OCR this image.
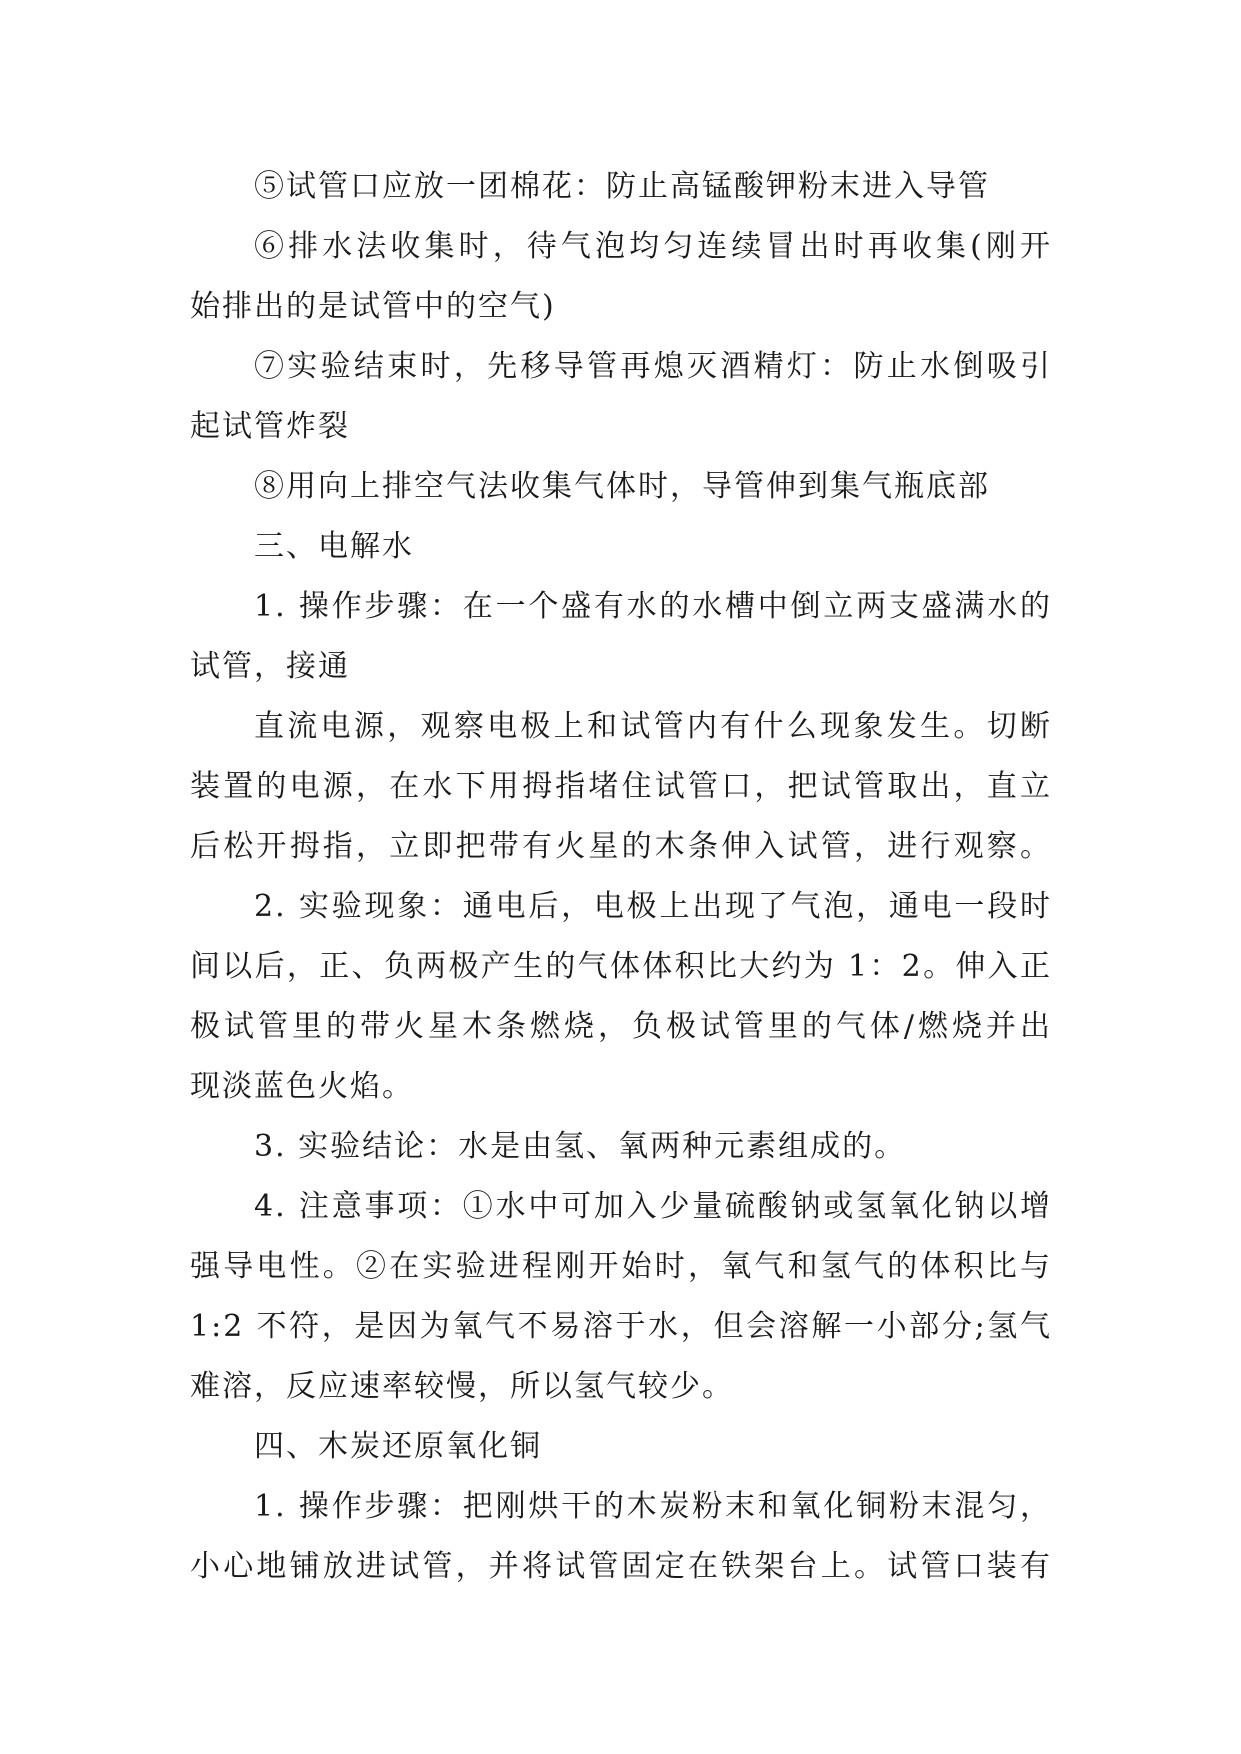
⑤试管口应放一团棉花：防止高锰酸钾粉末进入导管
⑥排水法收集时，待气泡均匀连续冒出时再收集(刚开
始排出的是试管中的空气)
⑦实验结束时，先移导管再熄灭酒精灯：防止水倒吸引
起试管炸裂
⑧用向上排空气法收集气体时，导管伸到集气瓶底部
三、电解水
1. 操作步骤：在一个盛有水的水槽中倒立两支盛满水的
试管，接通
直流电源，观察电极上和试管内有什么现象发生。切断
装置的电源，在水下用拇指堵住试管口，把试管取出，直立
后松开拇指，立即把带有火星的木条伸入试管，进行观察。
2. 实验现象：通电后，电极上出现了气泡，通电一段时
间以后，正、负两极产生的气体体积比大约为 1：2。伸入正
极试管里的带火星木条燃烧，负极试管里的气体/燃烧并出
现淡蓝色火焰。
3. 实验结论：水是由氢、氧两种元素组成的。
4. 注意事项：①水中可加入少量硫酸钠或氢氧化钠以增
强导电性。②在实验进程刚开始时，氧气和氢气的体积比与
1:2 不符，是因为氧气不易溶于水，但会溶解一小部分;氢气
难溶，反应速率较慢，所以氢气较少。
四、木炭还原氧化铜
1. 操作步骤：把刚烘干的木炭粉末和氧化铜粉末混匀，
小心地铺放进试管，并将试管固定在铁架台上。试管口装有
